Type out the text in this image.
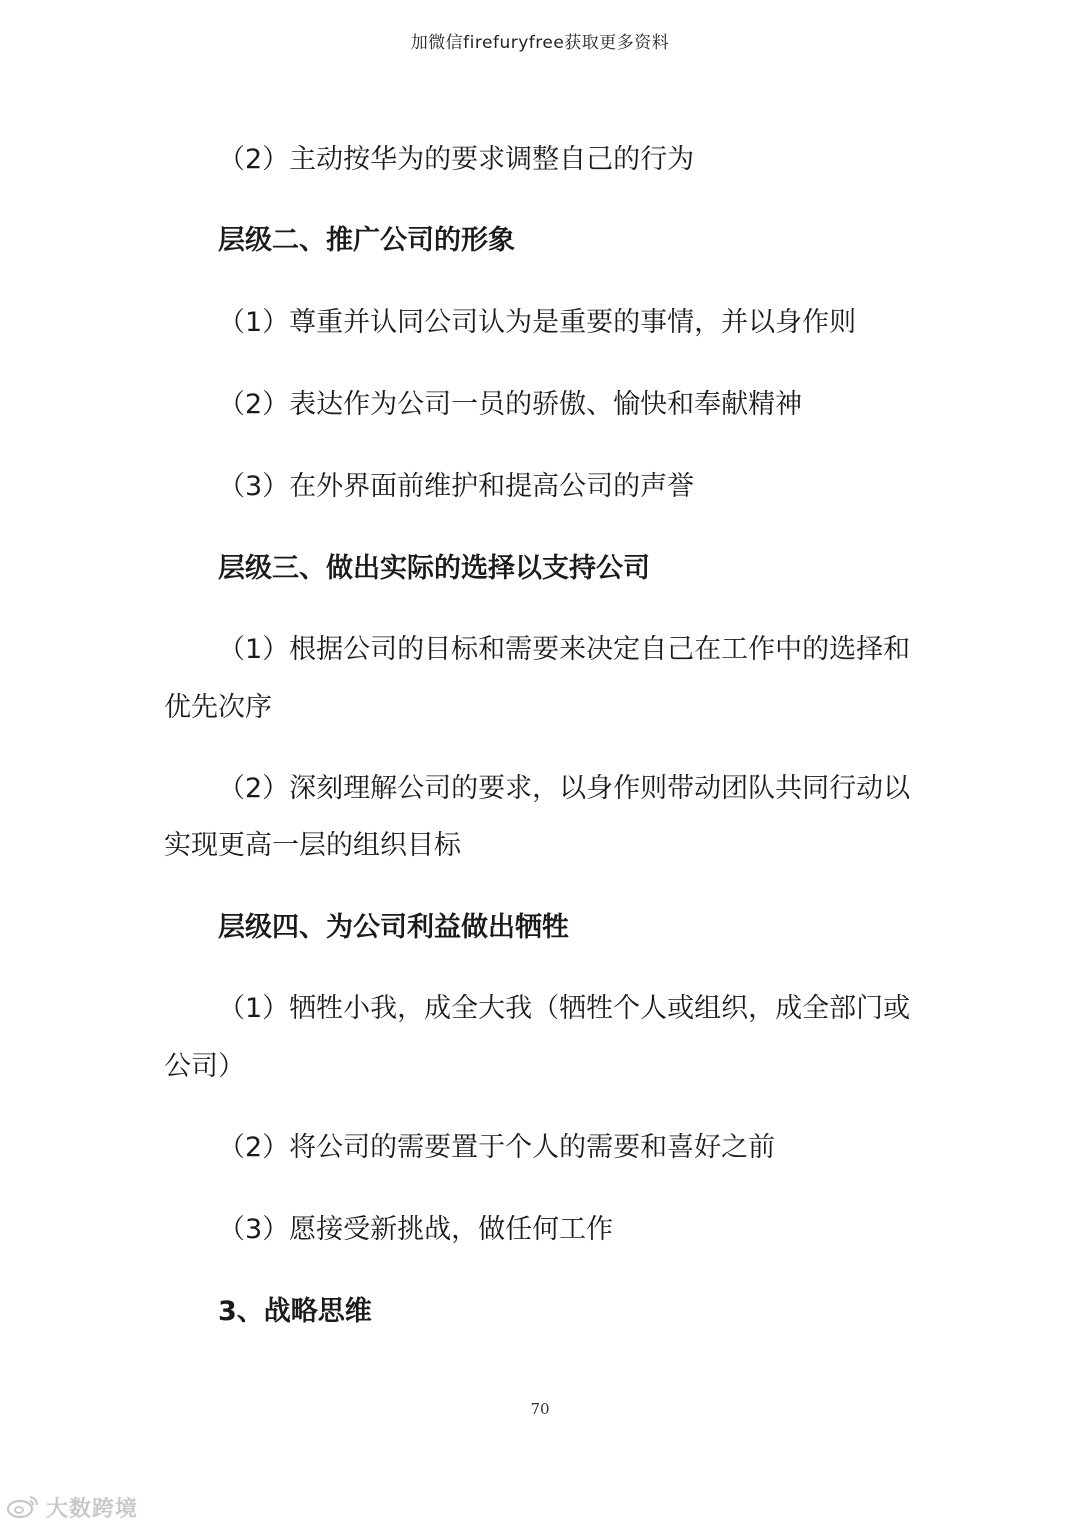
加微信firefuryfree获取更多资料
（2）主动按华为的要求调整自己的行为
层级二、推广公司的形象
（1）尊重并认同公司认为是重要的事情，并以身作则
（2）表达作为公司一员的骄傲、愉快和奉献精神
（3）在外界面前维护和提高公司的声誉
层级三、做出实际的选择以支持公司
（1）根据公司的目标和需要来决定自己在工作中的选择和
优先次序
（2）深刻理解公司的要求，以身作则带动团队共同行动以
实现更高一层的组织目标
层级四、为公司利益做出牺牲
（1）牺牲小我，成全大我（牺牲个人或组织，成全部门或
公司）
（2）将公司的需要置于个人的需要和喜好之前
（3）愿接受新挑战，做任何工作
3、战略思维
70
大数跨境
